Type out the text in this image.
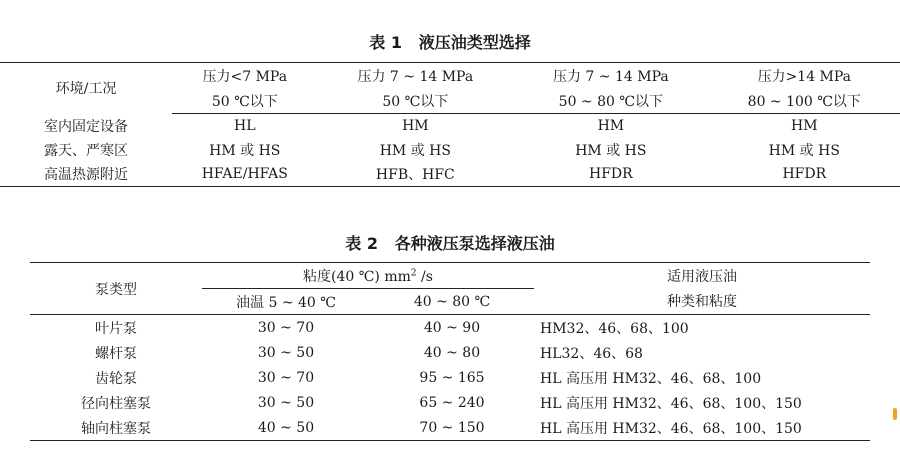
表 1   液压油类型选择
环境/工况	压力<7 MPa	压力 7 ~ 14 MPa	压力 7 ~ 14 MPa	压力>14 MPa
	50 ℃以下	50 ℃以下	50 ~ 80 ℃以下	80 ~ 100 ℃以下
室内固定设备	HL	HM	HM	HM
露天、严寒区	HM 或 HS	HM 或 HS	HM 或 HS	HM 或 HS
高温热源附近	HFAE/HFAS	HFB、HFC	HFDR	HFDR
表 2   各种液压泵选择液压油
泵类型	粘度(40 ℃) $mm^2$ /s		适用液压油
	油温 5 ~ 40 ℃	40 ~ 80 ℃	种类和粘度
叶片泵	30 ~ 70	40 ~ 90	HM32、46、68、100
螺杆泵	30 ~ 50	40 ~ 80	HL32、46、68
齿轮泵	30 ~ 70	95 ~ 165	HL 高压用 HM32、46、68、100
径向柱塞泵	30 ~ 50	65 ~ 240	HL 高压用 HM32、46、68、100、150
轴向柱塞泵	40 ~ 50	70 ~ 150	HL 高压用 HM32、46、68、100、150
